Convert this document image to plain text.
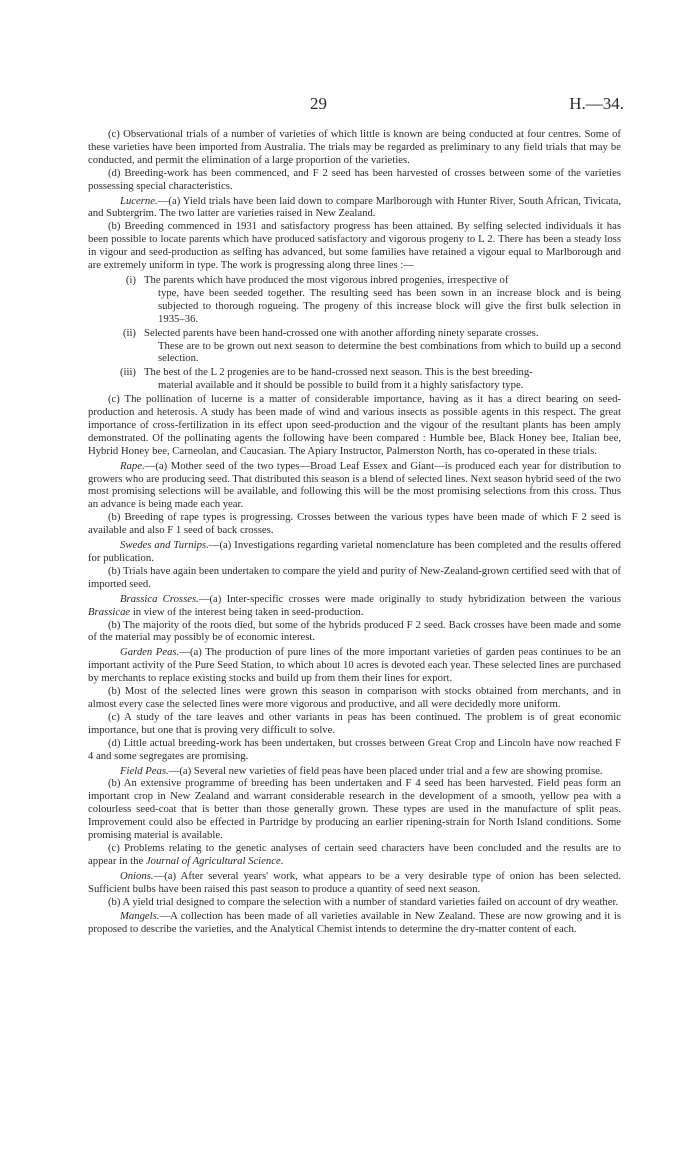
29	H.—34.

(c) Observational trials of a number of varieties of which little is known are being conducted at four centres. Some of these varieties have been imported from Australia. The trials may be regarded as preliminary to any field trials that may be conducted, and permit the elimination of a large proportion of the varieties.

(d) Breeding-work has been commenced, and F 2 seed has been harvested of crosses between some of the varieties possessing special characteristics.

Lucerne.—(a) Yield trials have been laid down to compare Marlborough with Hunter River, South African, Tivicata, and Subtergrim. The two latter are varieties raised in New Zealand.

(b) Breeding commenced in 1931 and satisfactory progress has been attained. By selfing selected individuals it has been possible to locate parents which have produced satisfactory and vigorous progeny to L 2. There has been a steady loss in vigour and seed-production as selfing has advanced, but some families have retained a vigour equal to Marlborough and are extremely uniform in type. The work is progressing along three lines :—

(i) The parents which have produced the most vigorous inbred progenies, irrespective of
type, have been seeded together. The resulting seed has been sown in an increase block and is being subjected to thorough rogueing. The progeny of this increase block will give the first bulk selection in 1935–36.
(ii) Selected parents have been hand-crossed one with another affording ninety separate crosses.
These are to be grown out next season to determine the best combinations from which to build up a second selection.
(iii) The best of the L 2 progenies are to be hand-crossed next season. This is the best breeding-
material available and it should be possible to build from it a highly satisfactory type.

(c) The pollination of lucerne is a matter of considerable importance, having as it has a direct bearing on seed-production and heterosis. A study has been made of wind and various insects as possible agents in this respect. The great importance of cross-fertilization in its effect upon seed-production and the vigour of the resultant plants has been amply demonstrated. Of the pollinating agents the following have been compared : Humble bee, Black Honey bee, Italian bee, Hybrid Honey bee, Carneolan, and Caucasian. The Apiary Instructor, Palmerston North, has co-operated in these trials.

Rape.—(a) Mother seed of the two types—Broad Leaf Essex and Giant—is produced each year for distribution to growers who are producing seed. That distributed this season is a blend of selected lines. Next season hybrid seed of the two most promising selections will be available, and following this will be the most promising selections from this cross. Thus an advance is being made each year.

(b) Breeding of rape types is progressing. Crosses between the various types have been made of which F 2 seed is available and also F 1 seed of back crosses.

Swedes and Turnips.—(a) Investigations regarding varietal nomenclature has been completed and the results offered for publication.

(b) Trials have again been undertaken to compare the yield and purity of New-Zealand-grown certified seed with that of imported seed.

Brassica Crosses.—(a) Inter-specific crosses were made originally to study hybridization between the various Brassicae in view of the interest being taken in seed-production.

(b) The majority of the roots died, but some of the hybrids produced F 2 seed. Back crosses have been made and some of the material may possibly be of economic interest.

Garden Peas.—(a) The production of pure lines of the more important varieties of garden peas continues to be an important activity of the Pure Seed Station, to which about 10 acres is devoted each year. These selected lines are purchased by merchants to replace existing stocks and build up from them their lines for export.

(b) Most of the selected lines were grown this season in comparison with stocks obtained from merchants, and in almost every case the selected lines were more vigorous and productive, and all were decidedly more uniform.

(c) A study of the tare leaves and other variants in peas has been continued. The problem is of great economic importance, but one that is proving very difficult to solve.

(d) Little actual breeding-work has been undertaken, but crosses between Great Crop and Lincoln have now reached F 4 and some segregates are promising.

Field Peas.—(a) Several new varieties of field peas have been placed under trial and a few are showing promise.

(b) An extensive programme of breeding has been undertaken and F 4 seed has been harvested. Field peas form an important crop in New Zealand and warrant considerable research in the development of a smooth, yellow pea with a colourless seed-coat that is better than those generally grown. These types are used in the manufacture of split peas. Improvement could also be effected in Partridge by producing an earlier ripening-strain for North Island conditions. Some promising material is available.

(c) Problems relating to the genetic analyses of certain seed characters have been concluded and the results are to appear in the Journal of Agricultural Science.

Onions.—(a) After several years' work, what appears to be a very desirable type of onion has been selected. Sufficient bulbs have been raised this past season to produce a quantity of seed next season.

(b) A yield trial designed to compare the selection with a number of standard varieties failed on account of dry weather.

Mangels.—A collection has been made of all varieties available in New Zealand. These are now growing and it is proposed to describe the varieties, and the Analytical Chemist intends to determine the dry-matter content of each.
